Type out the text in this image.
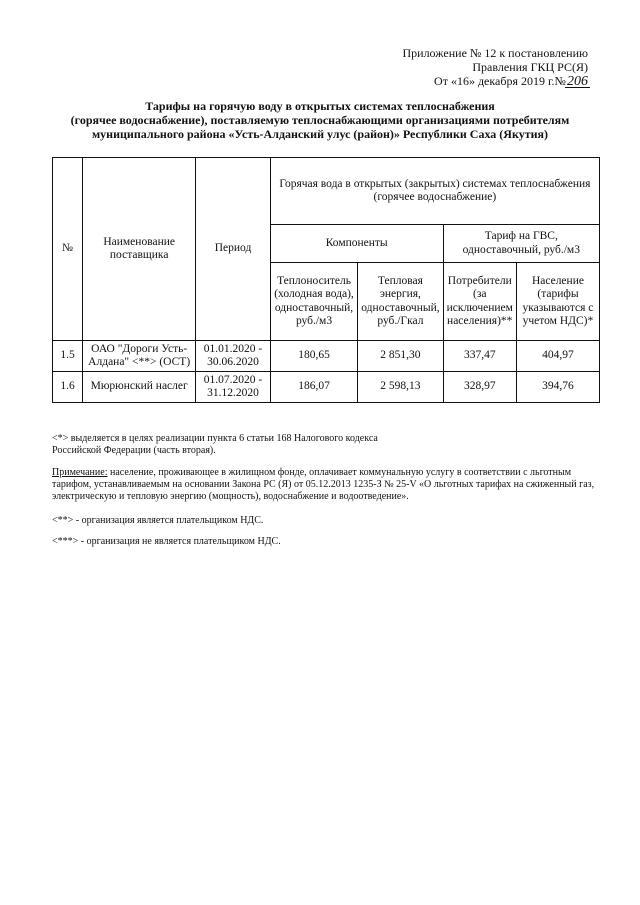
Приложение № 12 к постановлению
Правления ГКЦ РС(Я)
От «16» декабря 2019 г.№206
Тарифы на горячую воду в открытых системах теплоснабжения
(горячее водоснабжение), поставляемую теплоснабжающими организациями потребителям
муниципального района «Усть-Алданский улус (район)» Республики Саха (Якутия)
№	Наименование поставщика	Период	Горячая вода в открытых (закрытых) системах теплоснабжения (горячее водоснабжение)			
			Компоненты		Тариф на ГВС, одноставочный, руб./м3	
			Теплоноситель (холодная вода), одноставочный, руб./м3	Тепловая энергия, одноставочный, руб./Гкал	Потребители (за исключением населения)**	Население (тарифы указываются с учетом НДС)*
1.5	ОАО "Дороги Усть-Алдана" <**> (ОСТ)	01.01.2020 - 30.06.2020	180,65	2 851,30	337,47	404,97
1.6	Мюрюнский наслег	01.07.2020 - 31.12.2020	186,07	2 598,13	328,97	394,76

<*> выделяется в целях реализации пункта 6 статьи 168 Налогового кодекса Российской Федерации (часть вторая).

Примечание: население, проживающее в жилищном фонде, оплачивает коммунальную услугу в соответствии с льготным

тарифом, устанавливаемым на основании Закона РС (Я) от 05.12.2013 1235-З № 25-V «О льготных тарифах на сжиженный газ,

электрическую и тепловую энергию (мощность), водоснабжение и водоотведение».

<**> - организация является плательщиком НДС.

<***> - организация не является плательщиком НДС.
